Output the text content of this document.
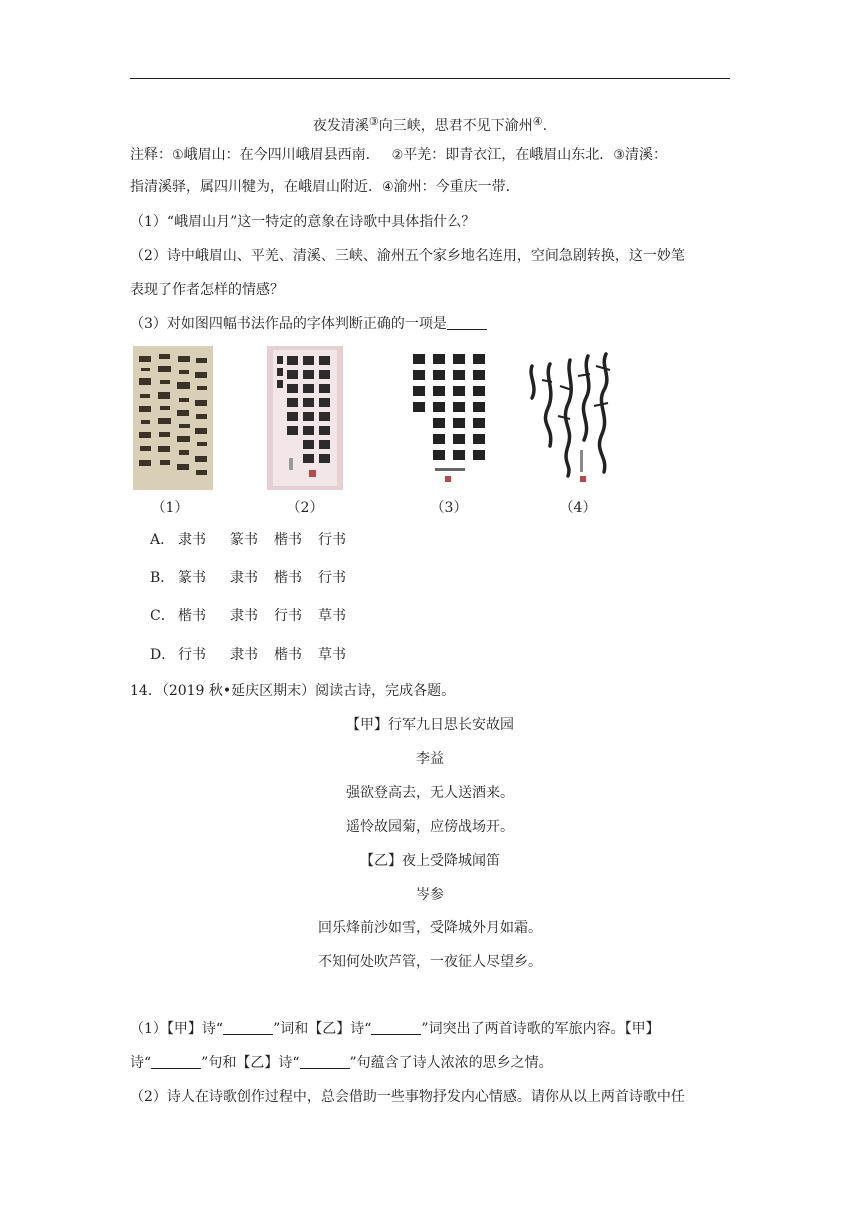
夜发清溪③向三峡，思君不见下渝州④.
注释：①峨眉山：在今四川峨眉县西南． ②平羌：即青衣江，在峨眉山东北．③清溪：
指清溪驿，属四川犍为，在峨眉山附近．④渝州：今重庆一带．
（1）“峨眉山月”这一特定的意象在诗歌中具体指什么？
（2）诗中峨眉山、平羌、清溪、三峡、渝州五个家乡地名连用，空间急剧转换，这一妙笔
表现了作者怎样的情感？
（3）对如图四幅书法作品的字体判断正确的一项是
（1）	（2）	（3）	（4）
A． 隶书 篆书 楷书 行书
B． 篆书 隶书 楷书 行书
C． 楷书 隶书 行书 草书
D． 行书 隶书 楷书 草书
14．（2019 秋•延庆区期末）阅读古诗，完成各题。
【甲】行军九日思长安故园
李益
强欲登高去，无人送酒来。
遥怜故园菊，应傍战场开。
【乙】夜上受降城闻笛
岑参
回乐烽前沙如雪，受降城外月如霜。
不知何处吹芦管，一夜征人尽望乡。
（1）【甲】诗“	”词和【乙】诗“	”词突出了两首诗歌的军旅内容。【甲】
诗“	”句和【乙】诗“	”句蕴含了诗人浓浓的思乡之情。
（2）诗人在诗歌创作过程中，总会借助一些事物抒发内心情感。请你从以上两首诗歌中任
